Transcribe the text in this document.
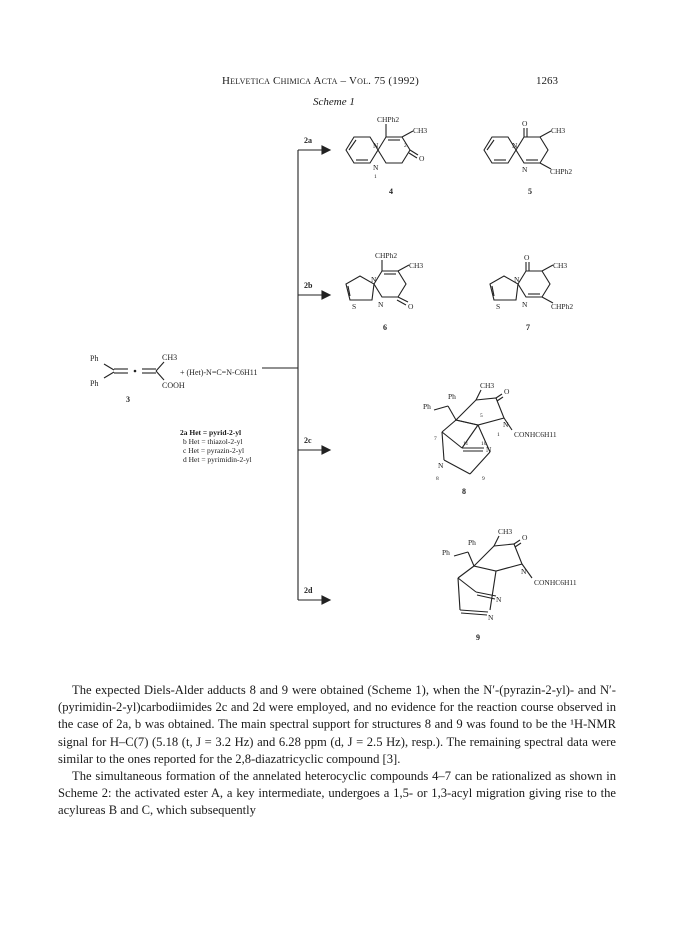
Helvetica Chimica Acta – Vol. 75 (1992)	1263
Scheme 1
2a
2b
2c
2d
Ph
Ph
CH3
COOH
3
+ (Het)-N=C=N-C6H11
CHPh2
CH3
O
N
N
2
1
4
O
CH3
CHPh2
N
N
5
CHPh2
CH3
O
N
N
S
6
O
CH3
CHPh2
N
N
S
7
Ph
Ph
CH3
O
N
CONHC6H11
7
5
1
11 10
8	9
N
N
8
Ph
Ph
CH3
O
N
CONHC6H11
N
N
9
2a Het = pyrid-2-yl
b Het = thiazol-2-yl
c Het = pyrazin-2-yl
d Het = pyrimidin-2-yl

The expected Diels-Alder adducts 8 and 9 were obtained (Scheme 1), when the N′-(pyrazin-2-yl)- and N′-(pyrimidin-2-yl)carbodiimides 2c and 2d were employed, and no evidence for the reaction course observed in the case of 2a, b was obtained. The main spectral support for structures 8 and 9 was found to be the ¹H-NMR signal for H–C(7) (5.18 (t, J = 3.2 Hz) and 6.28 ppm (d, J = 2.5 Hz), resp.). The remaining spectral data were similar to the ones reported for the 2,8-diazatricyclic compound [3].

The simultaneous formation of the annelated heterocyclic compounds 4–7 can be rationalized as shown in Scheme 2: the activated ester A, a key intermediate, undergoes a 1,5- or 1,3-acyl migration giving rise to the acylureas B and C, which subsequently
